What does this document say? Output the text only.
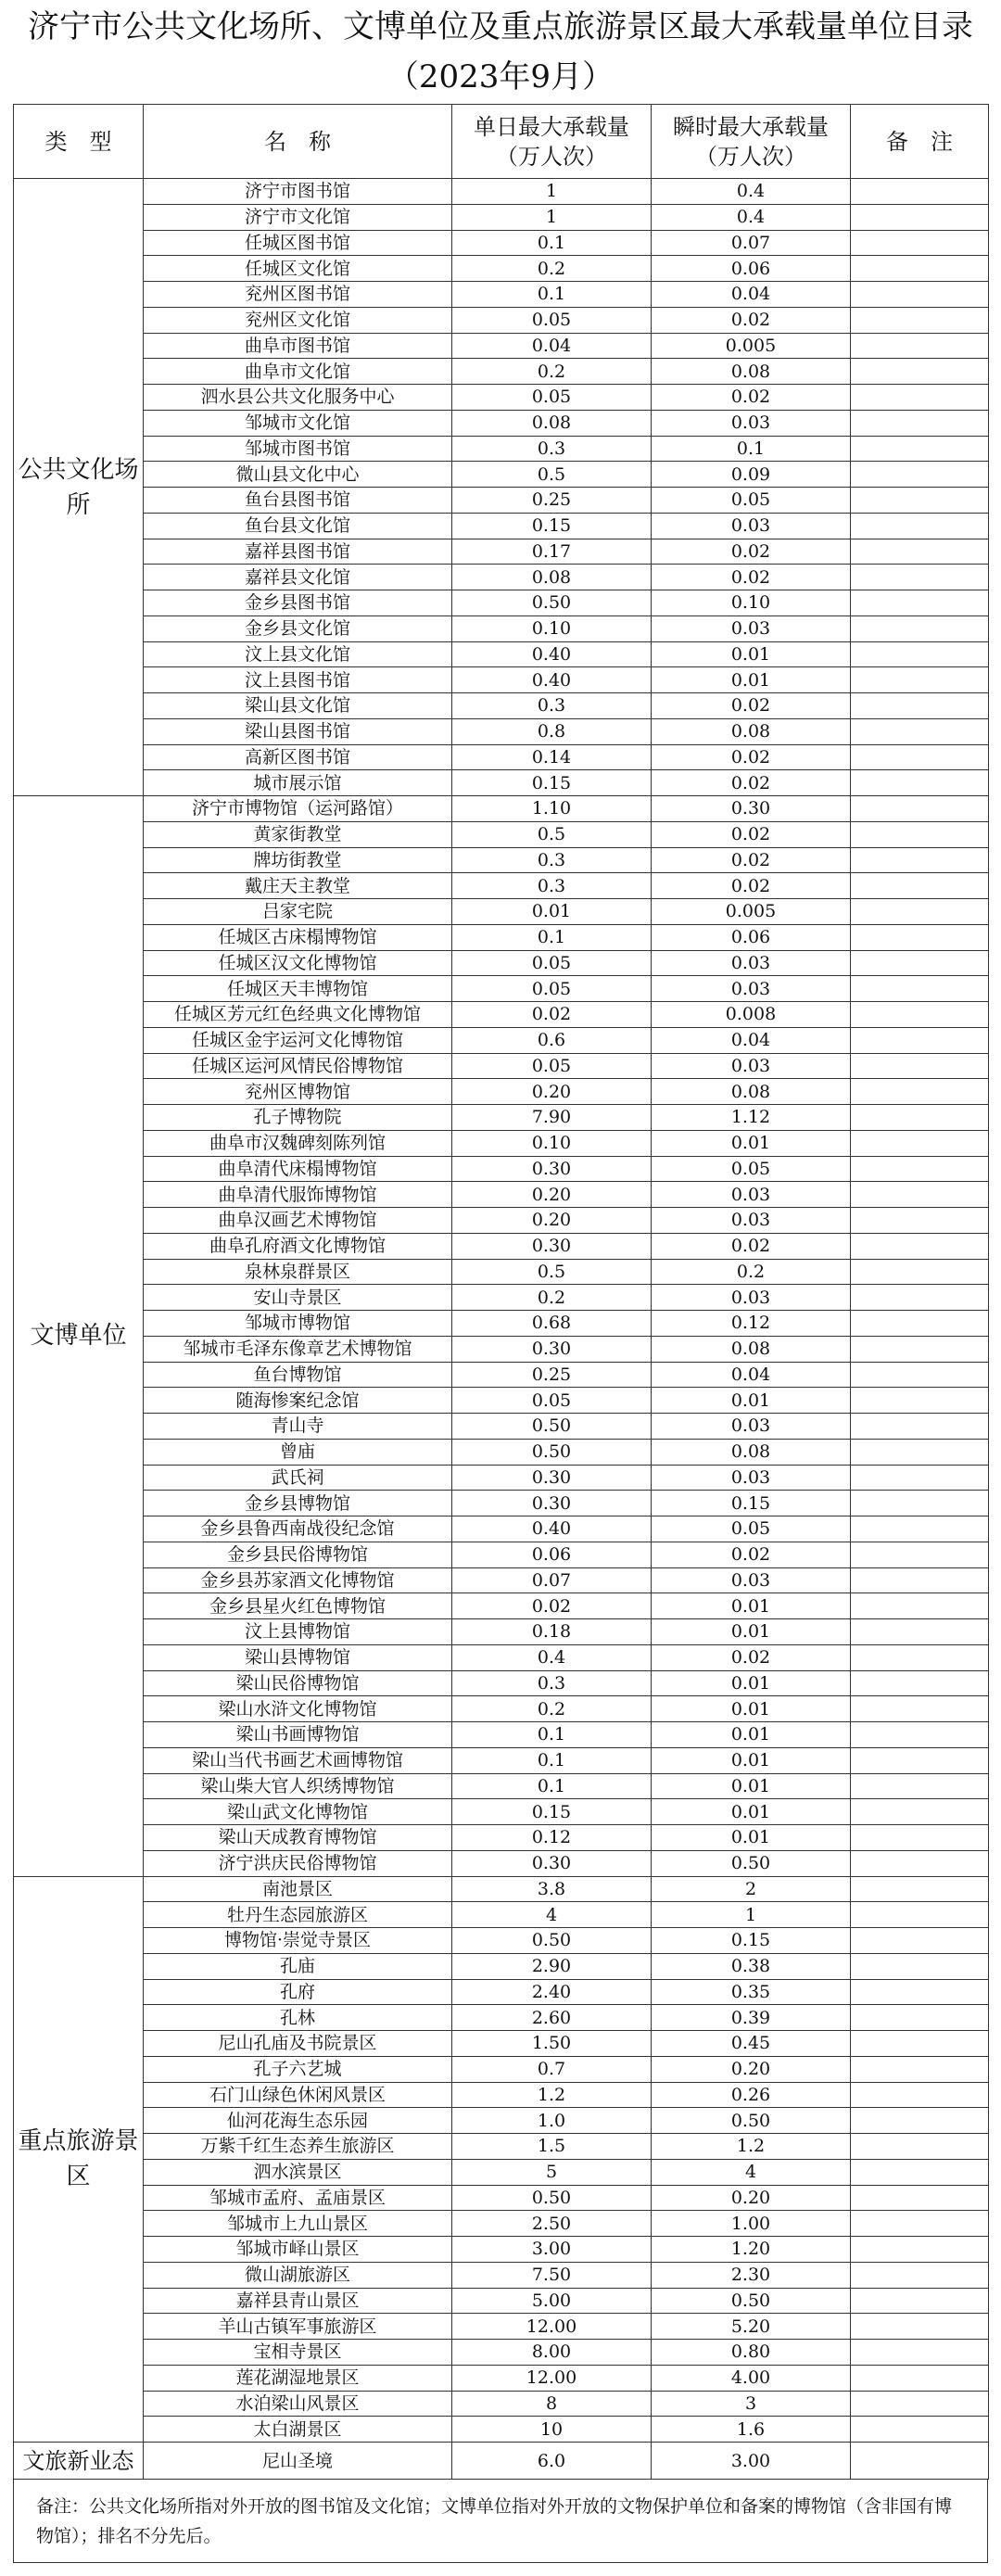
济宁市公共文化场所、文博单位及重点旅游景区最大承载量单位目录（2023年9月）
类　型	名　称	单日最大承载量（万人次）	瞬时最大承载量（万人次）	备　注
公共文化场所	济宁市图书馆	1	0.4	
	济宁市文化馆	1	0.4	
	任城区图书馆	0.1	0.07	
	任城区文化馆	0.2	0.06	
	兖州区图书馆	0.1	0.04	
	兖州区文化馆	0.05	0.02	
	曲阜市图书馆	0.04	0.005	
	曲阜市文化馆	0.2	0.08	
	泗水县公共文化服务中心	0.05	0.02	
	邹城市文化馆	0.08	0.03	
	邹城市图书馆	0.3	0.1	
	微山县文化中心	0.5	0.09	
	鱼台县图书馆	0.25	0.05	
	鱼台县文化馆	0.15	0.03	
	嘉祥县图书馆	0.17	0.02	
	嘉祥县文化馆	0.08	0.02	
	金乡县图书馆	0.50	0.10	
	金乡县文化馆	0.10	0.03	
	汶上县文化馆	0.40	0.01	
	汶上县图书馆	0.40	0.01	
	梁山县文化馆	0.3	0.02	
	梁山县图书馆	0.8	0.08	
	高新区图书馆	0.14	0.02	
	城市展示馆	0.15	0.02	
文博单位	济宁市博物馆（运河路馆）	1.10	0.30	
	黄家街教堂	0.5	0.02	
	牌坊街教堂	0.3	0.02	
	戴庄天主教堂	0.3	0.02	
	吕家宅院	0.01	0.005	
	任城区古床榻博物馆	0.1	0.06	
	任城区汉文化博物馆	0.05	0.03	
	任城区天丰博物馆	0.05	0.03	
	任城区芳元红色经典文化博物馆	0.02	0.008	
	任城区金宇运河文化博物馆	0.6	0.04	
	任城区运河风情民俗博物馆	0.05	0.03	
	兖州区博物馆	0.20	0.08	
	孔子博物院	7.90	1.12	
	曲阜市汉魏碑刻陈列馆	0.10	0.01	
	曲阜清代床榻博物馆	0.30	0.05	
	曲阜清代服饰博物馆	0.20	0.03	
	曲阜汉画艺术博物馆	0.20	0.03	
	曲阜孔府酒文化博物馆	0.30	0.02	
	泉林泉群景区	0.5	0.2	
	安山寺景区	0.2	0.03	
	邹城市博物馆	0.68	0.12	
	邹城市毛泽东像章艺术博物馆	0.30	0.08	
	鱼台博物馆	0.25	0.04	
	随海惨案纪念馆	0.05	0.01	
	青山寺	0.50	0.03	
	曾庙	0.50	0.08	
	武氏祠	0.30	0.03	
	金乡县博物馆	0.30	0.15	
	金乡县鲁西南战役纪念馆	0.40	0.05	
	金乡县民俗博物馆	0.06	0.02	
	金乡县苏家酒文化博物馆	0.07	0.03	
	金乡县星火红色博物馆	0.02	0.01	
	汶上县博物馆	0.18	0.01	
	梁山县博物馆	0.4	0.02	
	梁山民俗博物馆	0.3	0.01	
	梁山水浒文化博物馆	0.2	0.01	
	梁山书画博物馆	0.1	0.01	
	梁山当代书画艺术画博物馆	0.1	0.01	
	梁山柴大官人织绣博物馆	0.1	0.01	
	梁山武文化博物馆	0.15	0.01	
	梁山天成教育博物馆	0.12	0.01	
	济宁洪庆民俗博物馆	0.30	0.50	
重点旅游景区	南池景区	3.8	2	
	牡丹生态园旅游区	4	1	
	博物馆·崇觉寺景区	0.50	0.15	
	孔庙	2.90	0.38	
	孔府	2.40	0.35	
	孔林	2.60	0.39	
	尼山孔庙及书院景区	1.50	0.45	
	孔子六艺城	0.7	0.20	
	石门山绿色休闲风景区	1.2	0.26	
	仙河花海生态乐园	1.0	0.50	
	万紫千红生态养生旅游区	1.5	1.2	
	泗水滨景区	5	4	
	邹城市孟府、孟庙景区	0.50	0.20	
	邹城市上九山景区	2.50	1.00	
	邹城市峄山景区	3.00	1.20	
	微山湖旅游区	7.50	2.30	
	嘉祥县青山景区	5.00	0.50	
	羊山古镇军事旅游区	12.00	5.20	
	宝相寺景区	8.00	0.80	
	莲花湖湿地景区	12.00	4.00	
	水泊梁山风景区	8	3	
	太白湖景区	10	1.6	
文旅新业态	尼山圣境	6.0	3.00	
备注：公共文化场所指对外开放的图书馆及文化馆；文博单位指对外开放的文物保护单位和备案的博物馆（含非国有博物馆）；排名不分先后。
